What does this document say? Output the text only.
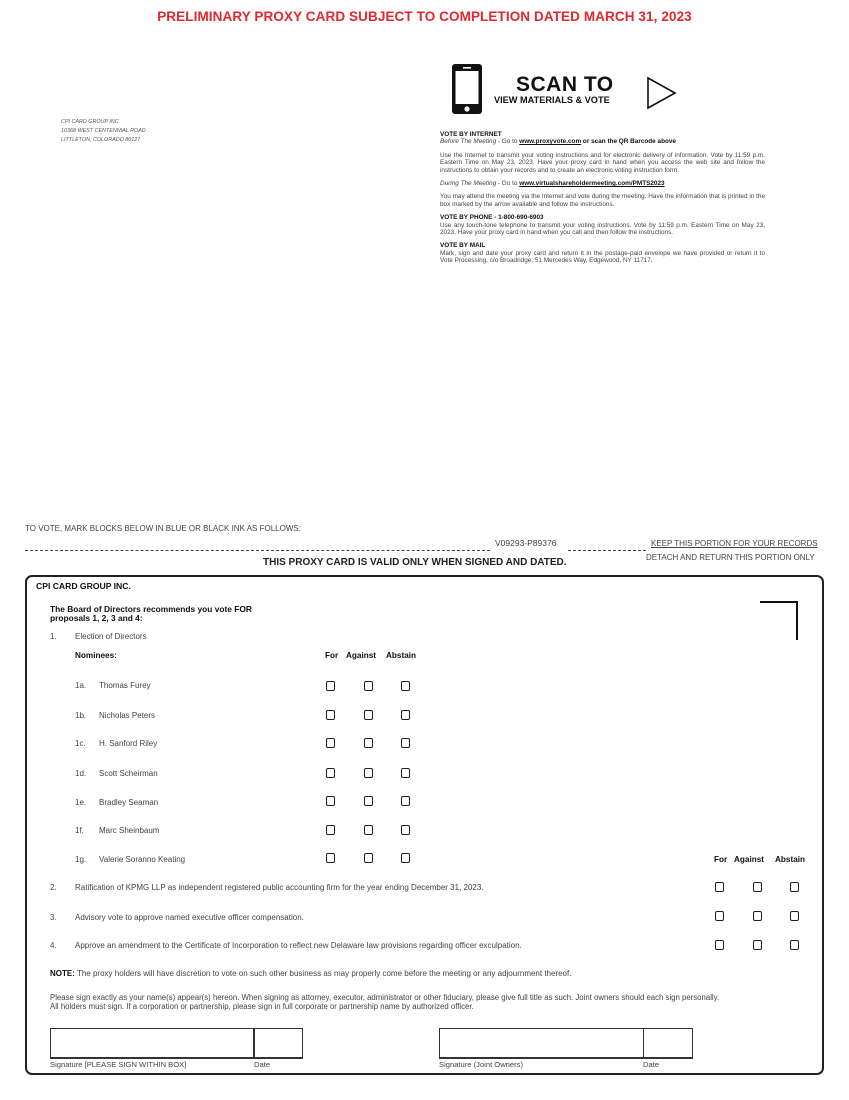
PRELIMINARY PROXY CARD SUBJECT TO COMPLETION DATED MARCH 31, 2023
CPI CARD GROUP INC.
10368 WEST CENTENNIAL ROAD
LITTLETON, COLORADO 80127
SCAN TO
VIEW MATERIALS & VOTE
VOTE BY INTERNET
Before The Meeting - Go to www.proxyvote.com or scan the QR Barcode above

Use the Internet to transmit your voting instructions and for electronic delivery of information. Vote by 11:59 p.m. Eastern Time on May 23, 2023. Have your proxy card in hand when you access the web site and follow the instructions to obtain your records and to create an electronic voting instruction form.

During The Meeting - Go to www.virtualshareholdermeeting.com/PMTS2023

You may attend the meeting via the Internet and vote during the meeting. Have the information that is printed in the box marked by the arrow available and follow the instructions.

VOTE BY PHONE - 1-800-690-6903

Use any touch-tone telephone to transmit your voting instructions. Vote by 11:59 p.m. Eastern Time on May 23, 2023. Have your proxy card in hand when you call and then follow the instructions.

VOTE BY MAIL

Mark, sign and date your proxy card and return it in the postage-paid envelope we have provided or return it to Vote Processing, c/o Broadridge, 51 Mercedes Way, Edgewood, NY 11717.

TO VOTE, MARK BLOCKS BELOW IN BLUE OR BLACK INK AS FOLLOWS:
V09293-P89376	KEEP THIS PORTION FOR YOUR RECORDS
DETACH AND RETURN THIS PORTION ONLY
THIS PROXY CARD IS VALID ONLY WHEN SIGNED AND DATED.
CPI CARD GROUP INC.
The Board of Directors recommends you vote FOR
proposals 1, 2, 3 and 4:
1. Election of Directors
Nominees:	For Against Abstain
1a. Thomas Furey
1b. Nicholas Peters
1c. H. Sanford Riley
1d. Scott Scheirman
1e. Bradley Seaman
1f. Marc Sheinbaum
1g. Valerie Soranno Keating	For Against Abstain
2. Ratification of KPMG LLP as independent registered public accounting firm for the year ending December 31, 2023.
3. Advisory vote to approve named executive officer compensation.
4. Approve an amendment to the Certificate of Incorporation to reflect new Delaware law provisions regarding officer exculpation.
NOTE: The proxy holders will have discretion to vote on such other business as may properly come before the meeting or any adjournment thereof.
Please sign exactly as your name(s) appear(s) hereon. When signing as attorney, executor, administrator or other fiduciary, please give full title as such. Joint owners should each sign personally. All holders must sign. If a corporation or partnership, please sign in full corporate or partnership name by authorized officer.
Signature [PLEASE SIGN WITHIN BOX]	Date	Signature (Joint Owners)	Date
